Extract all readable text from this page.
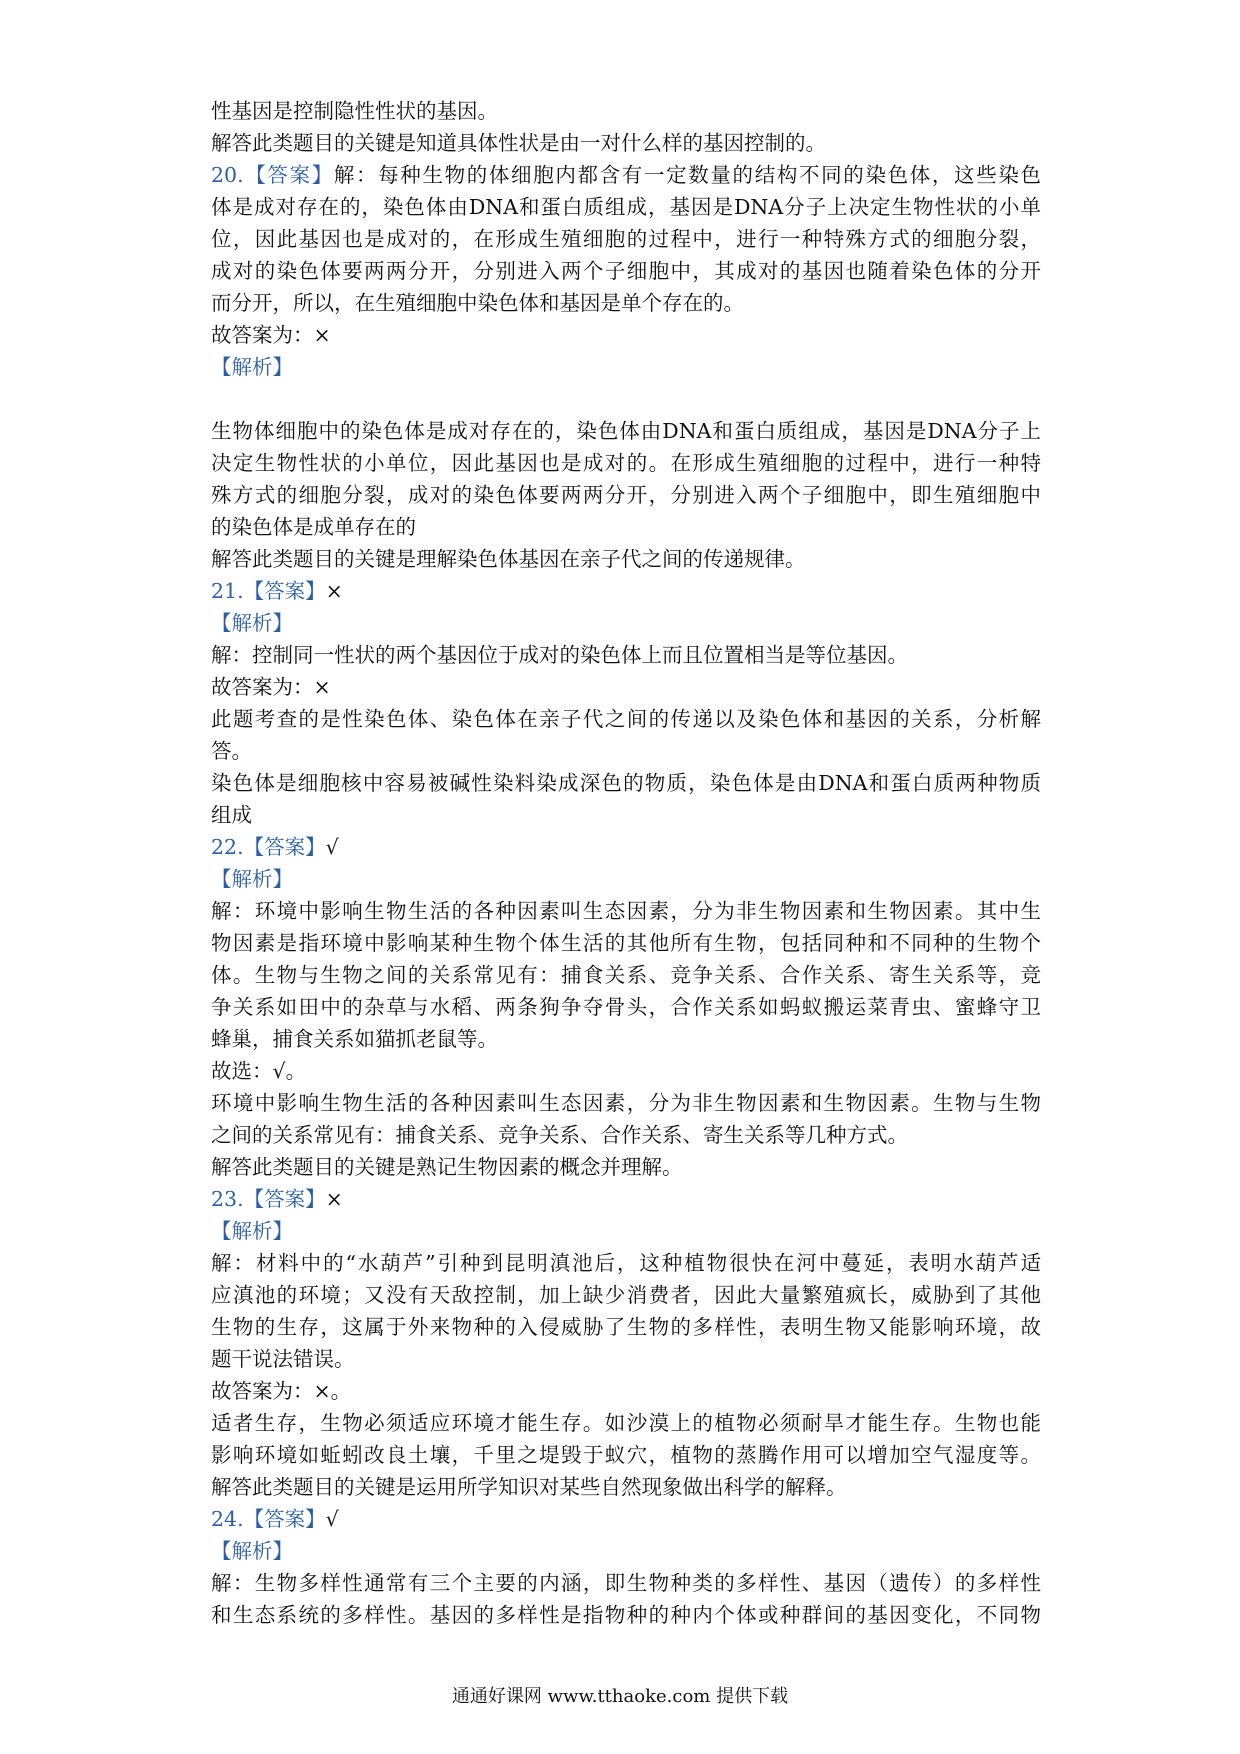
性基因是控制隐性性状的基因。
解答此类题目的关键是知道具体性状是由一对什么样的基因控制的。
20.【答案】解：每种生物的体细胞内都含有一定数量的结构不同的染色体，这些染色
体是成对存在的，染色体由DNA和蛋白质组成，基因是DNA分子上决定生物性状的小单
位，因此基因也是成对的，在形成生殖细胞的过程中，进行一种特殊方式的细胞分裂，
成对的染色体要两两分开，分别进入两个子细胞中，其成对的基因也随着染色体的分开
而分开，所以，在生殖细胞中染色体和基因是单个存在的。
故答案为：×
【解析】
生物体细胞中的染色体是成对存在的，染色体由DNA和蛋白质组成，基因是DNA分子上
决定生物性状的小单位，因此基因也是成对的。在形成生殖细胞的过程中，进行一种特
殊方式的细胞分裂，成对的染色体要两两分开，分别进入两个子细胞中，即生殖细胞中
的染色体是成单存在的
解答此类题目的关键是理解染色体基因在亲子代之间的传递规律。
21.【答案】×
【解析】
解：控制同一性状的两个基因位于成对的染色体上而且位置相当是等位基因。
故答案为：×
此题考查的是性染色体、染色体在亲子代之间的传递以及染色体和基因的关系，分析解
答。
染色体是细胞核中容易被碱性染料染成深色的物质，染色体是由DNA和蛋白质两种物质
组成
22.【答案】√
【解析】
解：环境中影响生物生活的各种因素叫生态因素，分为非生物因素和生物因素。其中生
物因素是指环境中影响某种生物个体生活的其他所有生物，包括同种和不同种的生物个
体。生物与生物之间的关系常见有：捕食关系、竞争关系、合作关系、寄生关系等，竞
争关系如田中的杂草与水稻、两条狗争夺骨头，合作关系如蚂蚁搬运菜青虫、蜜蜂守卫
蜂巢，捕食关系如猫抓老鼠等。
故选：√。
环境中影响生物生活的各种因素叫生态因素，分为非生物因素和生物因素。生物与生物
之间的关系常见有：捕食关系、竞争关系、合作关系、寄生关系等几种方式。
解答此类题目的关键是熟记生物因素的概念并理解。
23.【答案】×
【解析】
解：材料中的“水葫芦”引种到昆明滇池后，这种植物很快在河中蔓延，表明水葫芦适
应滇池的环境；又没有天敌控制，加上缺少消费者，因此大量繁殖疯长，威胁到了其他
生物的生存，这属于外来物种的入侵威胁了生物的多样性，表明生物又能影响环境，故
题干说法错误。
故答案为：×。
适者生存，生物必须适应环境才能生存。如沙漠上的植物必须耐旱才能生存。生物也能
影响环境如蚯蚓改良土壤，千里之堤毁于蚁穴，植物的蒸腾作用可以增加空气湿度等。
解答此类题目的关键是运用所学知识对某些自然现象做出科学的解释。
24.【答案】√
【解析】
解：生物多样性通常有三个主要的内涵，即生物种类的多样性、基因（遗传）的多样性
和生态系统的多样性。基因的多样性是指物种的种内个体或种群间的基因变化，不同物
通通好课网 www.tthaoke.com 提供下载
